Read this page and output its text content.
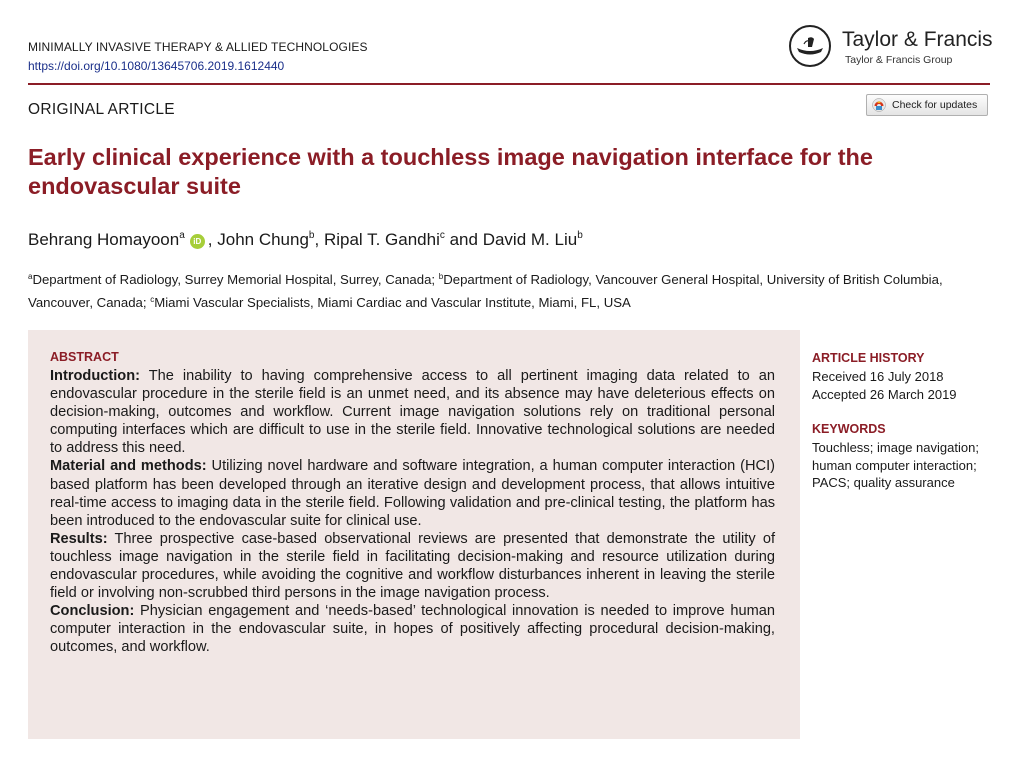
MINIMALLY INVASIVE THERAPY & ALLIED TECHNOLOGIES
https://doi.org/10.1080/13645706.2019.1612440
Taylor & Francis
Taylor & Francis Group
ORIGINAL ARTICLE	Check for updates
Early clinical experience with a touchless image navigation interface for the endovascular suite
Behrang Homayoon$^a$iD , John Chung$^b$, Ripal T. Gandhi$^c$ and David M. Liu$^b$
$^a$Department of Radiology, Surrey Memorial Hospital, Surrey, Canada; $^b$Department of Radiology, Vancouver General Hospital, University of British Columbia, Vancouver, Canada; $^c$Miami Vascular Specialists, Miami Cardiac and Vascular Institute, Miami, FL, USA
ABSTRACT

Introduction: The inability to having comprehensive access to all pertinent imaging data related to an endovascular procedure in the sterile field is an unmet need, and its absence may have deleterious effects on decision-making, outcomes and workflow. Current image navigation solutions rely on traditional personal computing interfaces which are difficult to use in the sterile field. Innovative technological solutions are needed to address this need.

Material and methods: Utilizing novel hardware and software integration, a human computer interaction (HCI) based platform has been developed through an iterative design and development process, that allows intuitive real-time access to imaging data in the sterile field. Following validation and pre-clinical testing, the platform has been introduced to the endovascular suite for clinical use.

Results: Three prospective case-based observational reviews are presented that demonstrate the utility of touchless image navigation in the sterile field in facilitating decision-making and resource utilization during endovascular procedures, while avoiding the cognitive and workflow disturbances inherent in leaving the sterile field or involving non-scrubbed third persons in the image navigation process.

Conclusion: Physician engagement and ‘needs-based’ technological innovation is needed to improve human computer interaction in the endovascular suite, in hopes of positively affecting procedural decision-making, outcomes, and workflow.

ARTICLE HISTORY
Received 16 July 2018
Accepted 26 March 2019
KEYWORDS
Touchless; image navigation; human computer interaction; PACS; quality assurance
